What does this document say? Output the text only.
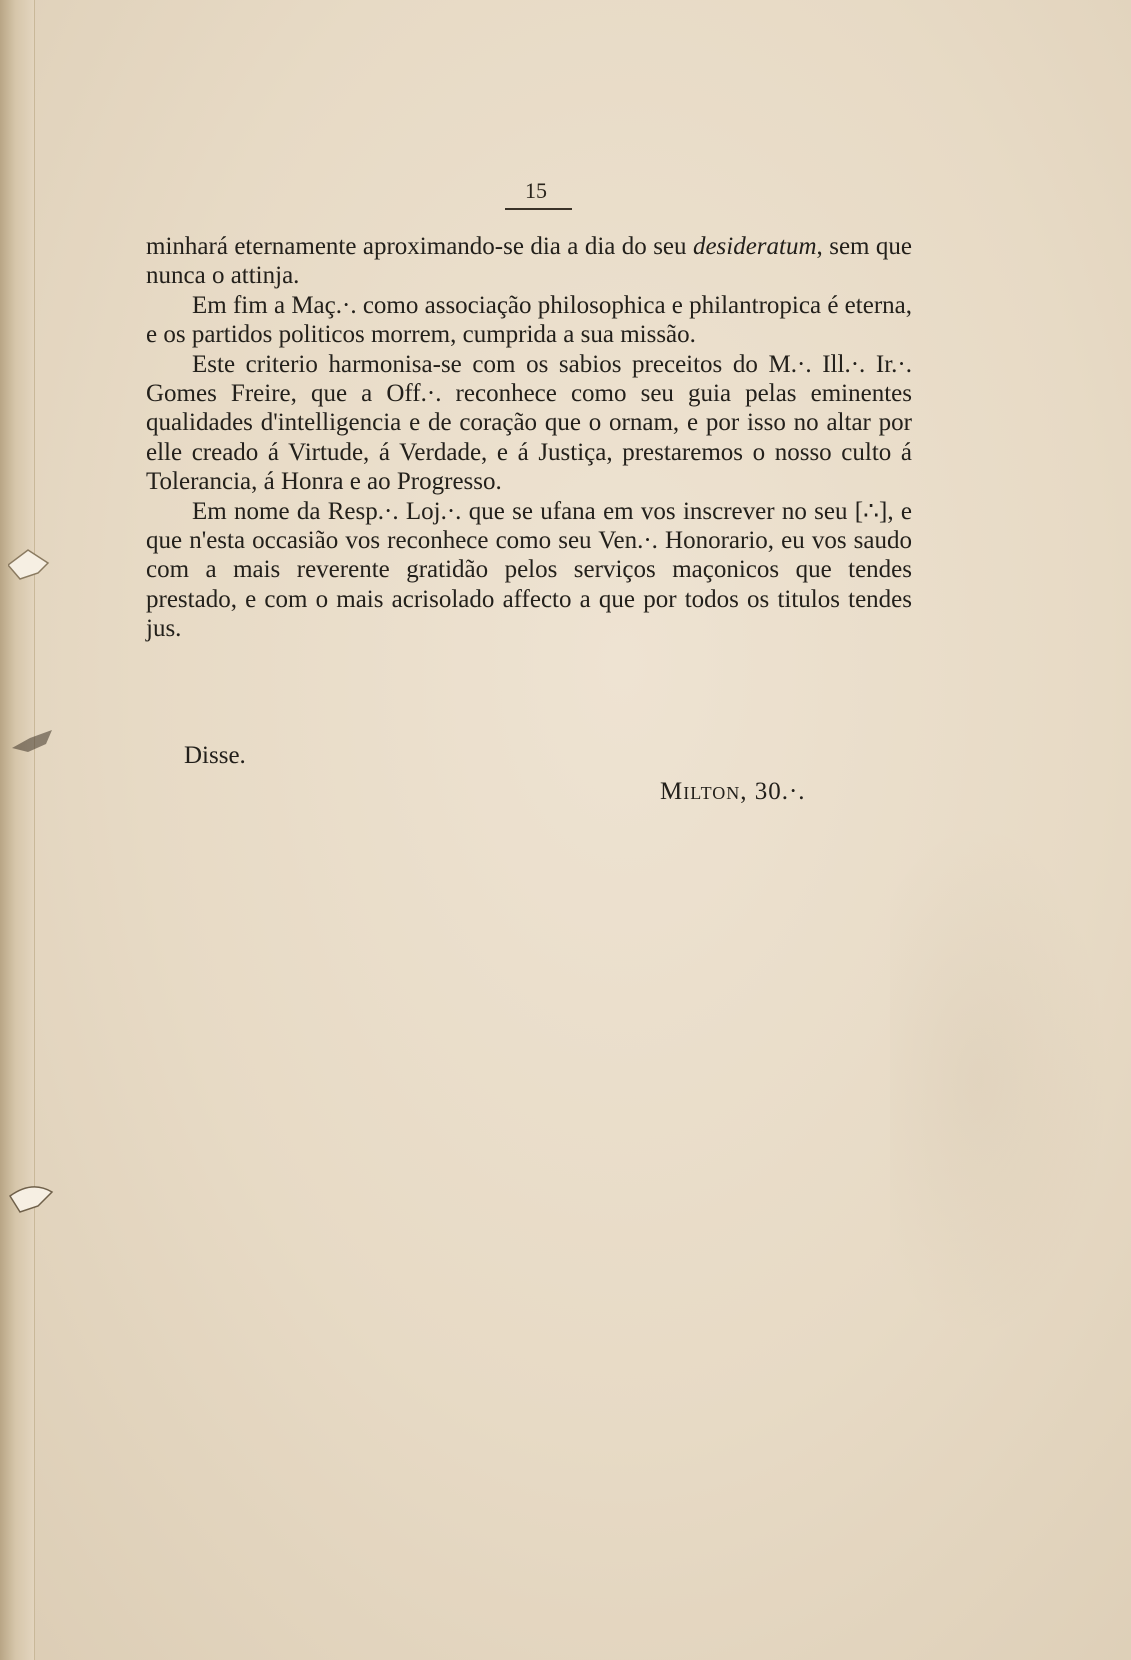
15

minhará eternamente aproximando-se dia a dia do seu desideratum, sem que nunca o attinja.

Em fim a Maç.·. como associação philosophica e philantropica é eterna, e os partidos politicos morrem, cumprida a sua missão.

Este criterio harmonisa-se com os sabios preceitos do M.·. Ill.·. Ir.·. Gomes Freire, que a Off.·. reconhece como seu guia pelas eminentes qualidades d'intelligencia e de coração que o ornam, e por isso no altar por elle creado á Virtude, á Verdade, e á Justiça, prestaremos o nosso culto á Tolerancia, á Honra e ao Progresso.

Em nome da Resp.·. Loj.·. que se ufana em vos inscrever no seu [∴], e que n'esta occasião vos reconhece como seu Ven.·. Honorario, eu vos saudo com a mais reverente gratidão pelos serviços maçonicos que tendes prestado, e com o mais acrisolado affecto a que por todos os titulos tendes jus.

Disse.
Milton, 30.·.
